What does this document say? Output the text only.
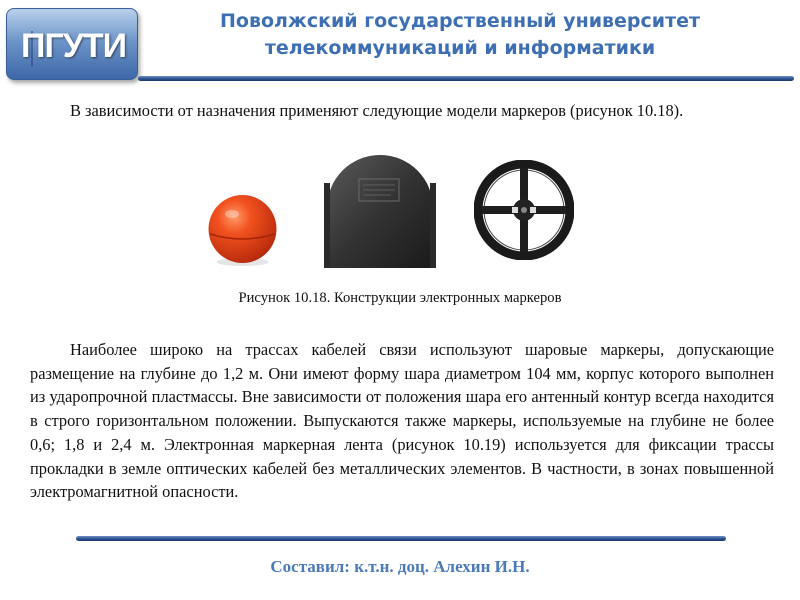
ПГУТИ
Поволжский государственный университет
телекоммуникаций и информатики

В зависимости от назначения применяют следующие модели маркеров (рисунок 10.18).

Рисунок 10.18. Конструкции электронных маркеров

Наиболее широко на трассах кабелей связи используют шаровые маркеры, допускающие размещение на глубине до 1,2 м. Они имеют форму шара диаметром 104 мм, корпус которого выполнен из ударопрочной пластмассы. Вне зависимости от положения шара его антенный контур всегда находится в строго горизонтальном положении. Выпускаются также маркеры, используемые на глубине не более 0,6; 1,8 и 2,4 м. Электронная маркерная лента (рисунок 10.19) используется для фиксации трассы прокладки в земле оптических кабелей без металлических элементов. В частности, в зонах повышенной электромагнитной опасности.

Составил: к.т.н. доц. Алехин И.Н.
